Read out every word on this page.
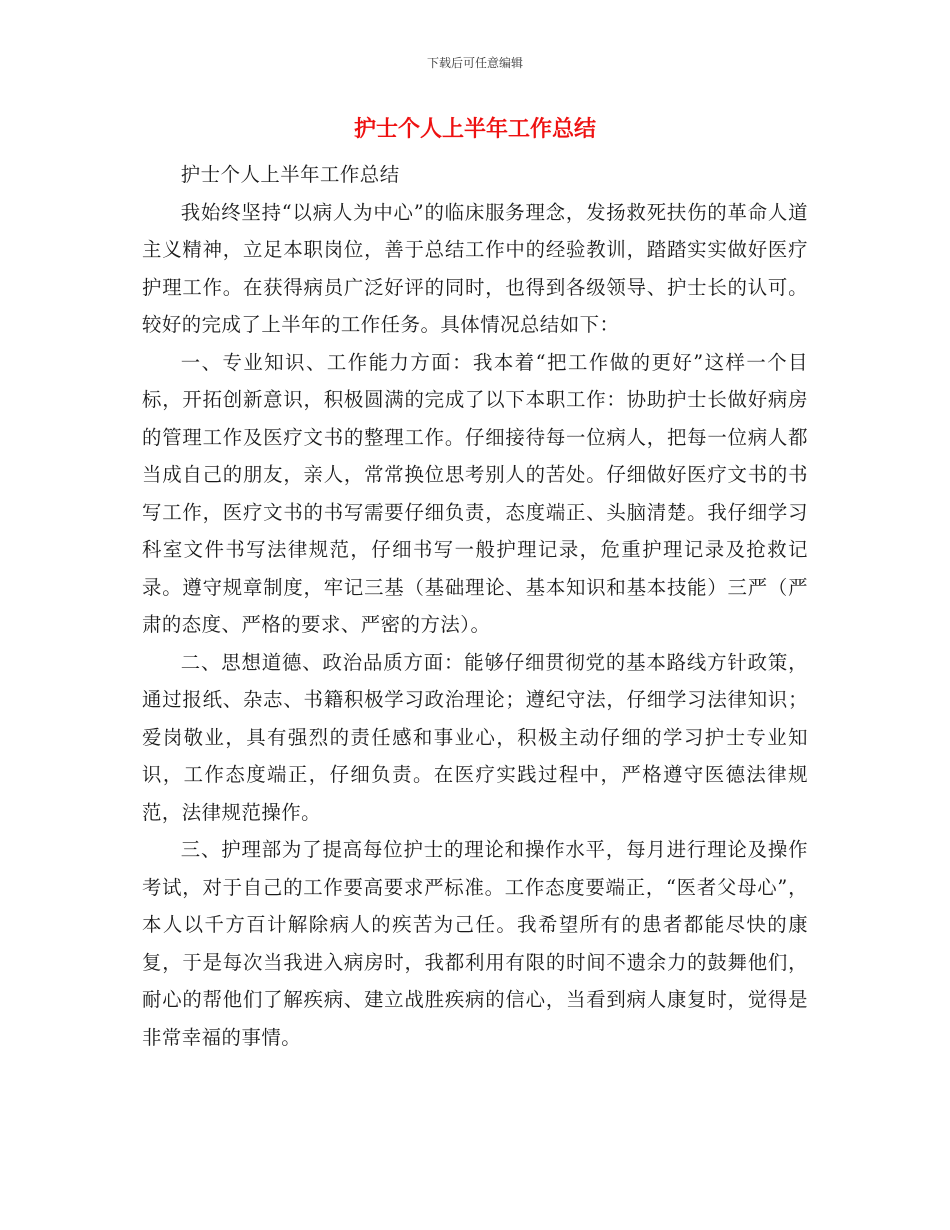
下载后可任意编辑
护士个人上半年工作总结

护士个人上半年工作总结

我始终坚持“以病人为中心”的临床服务理念，发扬救死扶伤的革命人道主义精神，立足本职岗位，善于总结工作中的经验教训，踏踏实实做好医疗护理工作。在获得病员广泛好评的同时，也得到各级领导、护士长的认可。较好的完成了上半年的工作任务。具体情况总结如下：

一、专业知识、工作能力方面：我本着“把工作做的更好”这样一个目标，开拓创新意识，积极圆满的完成了以下本职工作：协助护士长做好病房的管理工作及医疗文书的整理工作。仔细接待每一位病人，把每一位病人都当成自己的朋友，亲人，常常换位思考别人的苦处。仔细做好医疗文书的书写工作，医疗文书的书写需要仔细负责，态度端正、头脑清楚。我仔细学习科室文件书写法律规范，仔细书写一般护理记录，危重护理记录及抢救记录。遵守规章制度，牢记三基（基础理论、基本知识和基本技能）三严（严肃的态度、严格的要求、严密的方法）。

二、思想道德、政治品质方面：能够仔细贯彻党的基本路线方针政策，通过报纸、杂志、书籍积极学习政治理论；遵纪守法，仔细学习法律知识；爱岗敬业，具有强烈的责任感和事业心，积极主动仔细的学习护士专业知识，工作态度端正，仔细负责。在医疗实践过程中，严格遵守医德法律规范，法律规范操作。

三、护理部为了提高每位护士的理论和操作水平，每月进行理论及操作考试，对于自己的工作要高要求严标准。工作态度要端正，“医者父母心”，本人以千方百计解除病人的疾苦为己任。我希望所有的患者都能尽快的康复，于是每次当我进入病房时，我都利用有限的时间不遗余力的鼓舞他们，耐心的帮他们了解疾病、建立战胜疾病的信心，当看到病人康复时，觉得是非常幸福的事情。
